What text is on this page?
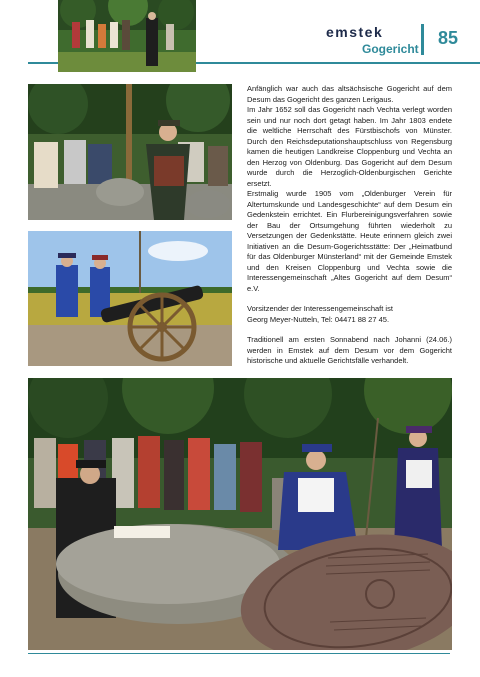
emstek
Gogericht
85

Anfänglich war auch das altsächsische Gogericht auf dem Desum das Gogericht des ganzen Lerigaus.

Im Jahr 1652 soll das Gogericht nach Vechta verlegt worden sein und nur noch dort getagt haben. Im Jahr 1803 endete die weltliche Herrschaft des Fürstbischofs von Münster. Durch den Reichsdeputationshauptschluss von Regensburg kamen die heutigen Landkreise Cloppenburg und Vechta an den Herzog von Oldenburg. Das Gogericht auf dem Desum wurde durch die Herzoglich-Oldenburgischen Gerichte ersetzt.

Erstmalig wurde 1905 vom „Oldenburger Verein für Altertumskunde und Landesgeschichte“ auf dem Desum ein Gedenkstein errichtet. Ein Flurbereinigungsverfahren sowie der Bau der Ortsumgehung führten wiederholt zu Versetzungen der Gedenkstätte. Heute erinnern gleich zwei Initiativen an die Desum-Gogerichtsstätte: Der „Heimatbund für das Oldenburger Münsterland“ mit der Gemeinde Emstek und den Kreisen Cloppenburg und Vechta sowie die Interessengemeinschaft „Altes Gogericht auf dem Desum“ e.V.

Vorsitzender der Interessengemeinschaft ist
Georg Meyer-Nutteln, Tel: 04471 88 27 45.

Traditionell am ersten Sonnabend nach Johanni (24.06.) werden in Emstek auf dem Desum vor dem Gogericht historische und aktuelle Gerichtsfälle verhandelt.
